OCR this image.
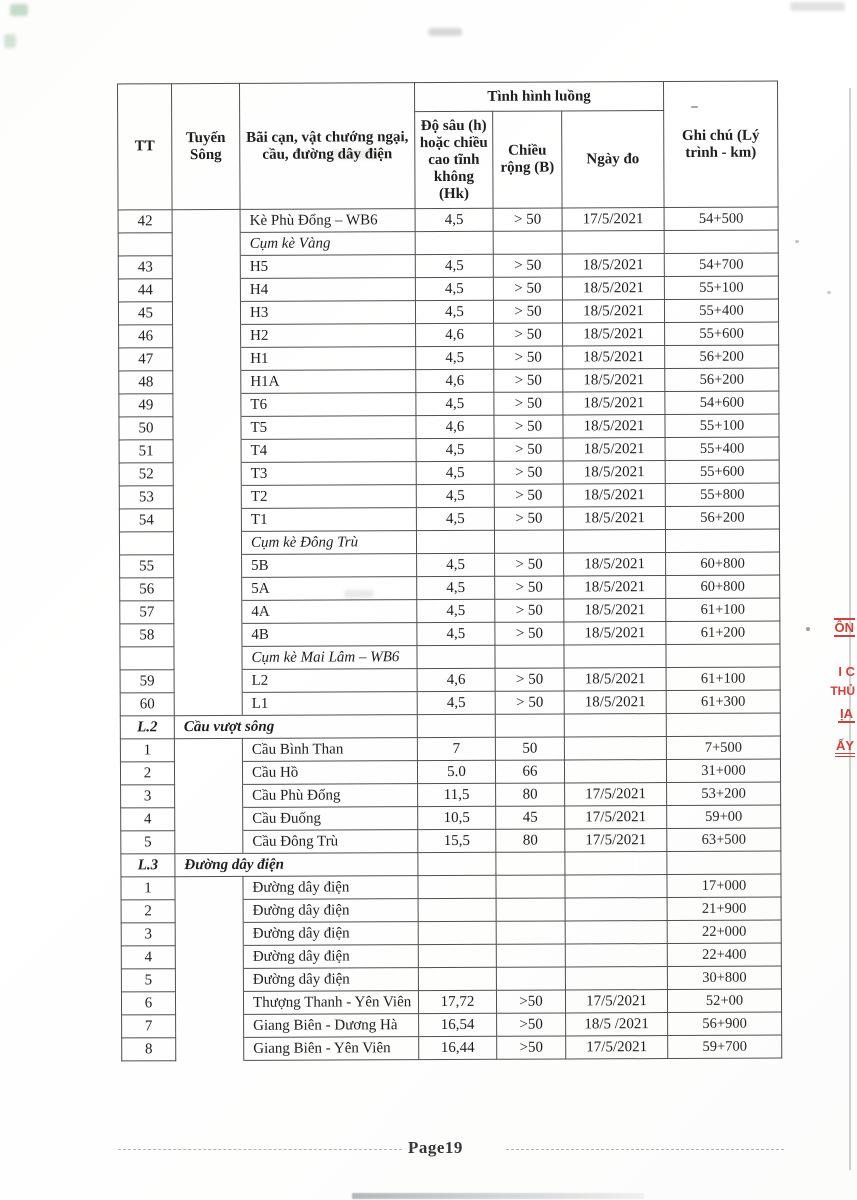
TT	Tuyến Sông	Bãi cạn, vật chướng ngại, cầu, đường dây điện	Tình hình luồng			Ghi chú (Lý trình - km)
			Độ sâu (h) hoặc chiều cao tĩnh không (Hk)	Chiều rộng (B)	Ngày đo	
42		Kè Phù Đổng – WB6	4,5	> 50	17/5/2021	54+500
		Cụm kè Vàng				
43		H5	4,5	> 50	18/5/2021	54+700
44		H4	4,5	> 50	18/5/2021	55+100
45		H3	4,5	> 50	18/5/2021	55+400
46		H2	4,6	> 50	18/5/2021	55+600
47		H1	4,5	> 50	18/5/2021	56+200
48		H1A	4,6	> 50	18/5/2021	56+200
49		T6	4,5	> 50	18/5/2021	54+600
50		T5	4,6	> 50	18/5/2021	55+100
51		T4	4,5	> 50	18/5/2021	55+400
52		T3	4,5	> 50	18/5/2021	55+600
53		T2	4,5	> 50	18/5/2021	55+800
54		T1	4,5	> 50	18/5/2021	56+200
		Cụm kè Đông Trù				
55		5B	4,5	> 50	18/5/2021	60+800
56		5A	4,5	> 50	18/5/2021	60+800
57		4A	4,5	> 50	18/5/2021	61+100
58		4B	4,5	> 50	18/5/2021	61+200
		Cụm kè Mai Lâm – WB6				
59		L2	4,6	> 50	18/5/2021	61+100
60		L1	4,5	> 50	18/5/2021	61+300
L.2	Cầu vượt sông					
1		Cầu Bình Than	7	50		7+500
2		Cầu Hồ	5.0	66		31+000
3		Cầu Phù Đổng	11,5	80	17/5/2021	53+200
4		Cầu Đuống	10,5	45	17/5/2021	59+00
5		Cầu Đông Trù	15,5	80	17/5/2021	63+500
L.3	Đường dây điện					
1		Đường dây điện				17+000
2		Đường dây điện				21+900
3		Đường dây điện				22+000
4		Đường dây điện				22+400
5		Đường dây điện				30+800
6		Thượng Thanh - Yên Viên	17,72	>50	17/5/2021	52+00
7		Giang Biên - Dương Hà	16,54	>50	18/5 /2021	56+900
8		Giang Biên - Yên Viên	16,44	>50	17/5/2021	59+700
ÔN
I C
THỦ
ỊA
ẤY
Page19
